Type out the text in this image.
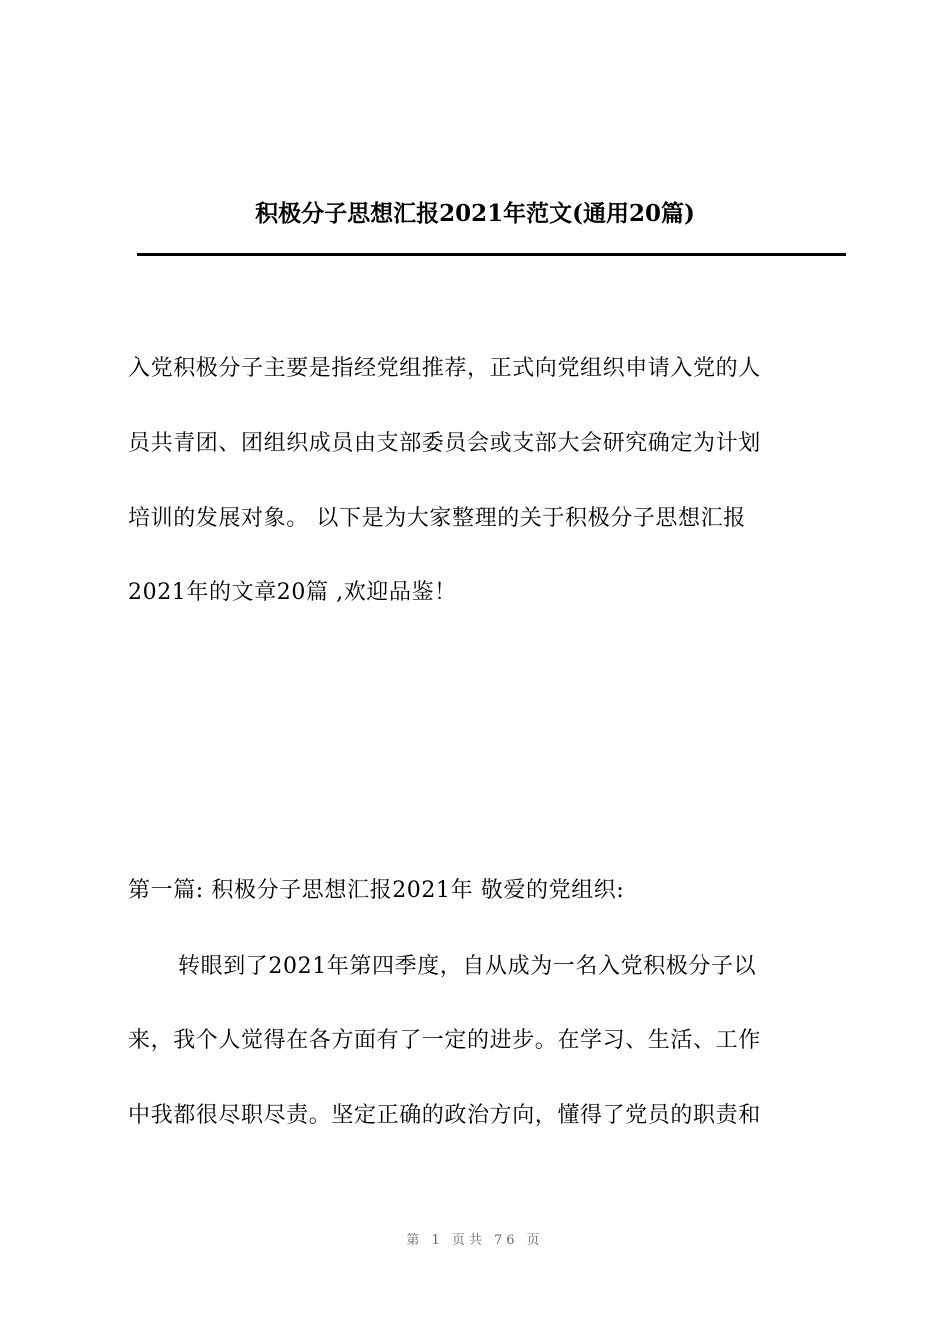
积极分子思想汇报2021年范文(通用20篇)
入党积极分子主要是指经党组推荐，正式向党组织申请入党的人
员共青团、团组织成员由支部委员会或支部大会研究确定为计划
培训的发展对象。 以下是为大家整理的关于积极分子思想汇报
2021年的文章20篇 ,欢迎品鉴！
第一篇: 积极分子思想汇报2021年 敬爱的党组织:
转眼到了2021年第四季度，自从成为一名入党积极分子以
来，我个人觉得在各方面有了一定的进步。在学习、生活、工作
中我都很尽职尽责。坚定正确的政治方向，懂得了党员的职责和
第 1 页共 76 页
